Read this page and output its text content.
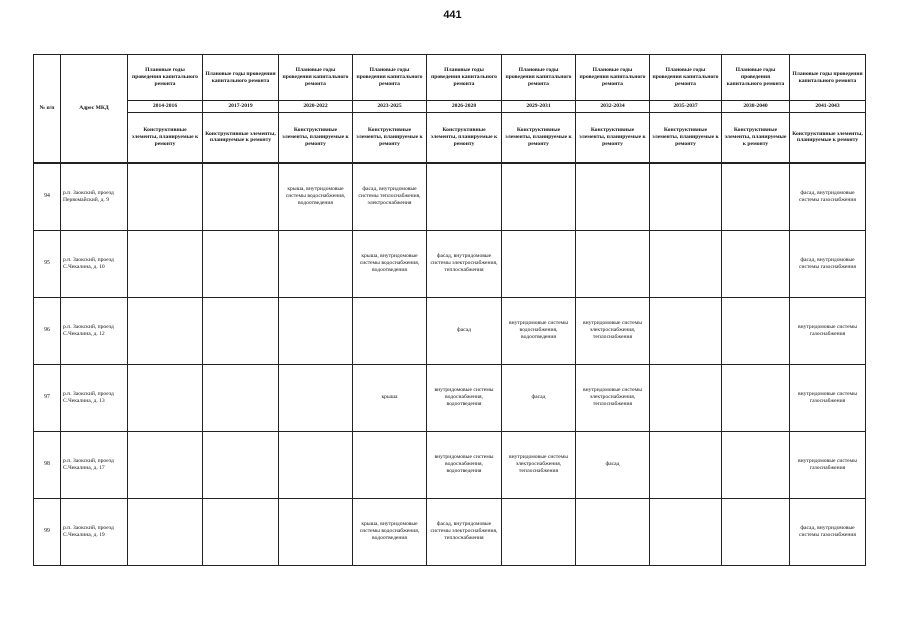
441
№ п/п	Адрес МКД	Плановые годы проведения капитального ремонта	Плановые годы проведения капитального ремонта	Плановые годы проведения капитального ремонта	Плановые годы проведения капитального ремонта	Плановые годы проведения капитального ремонта	Плановые годы проведения капитального ремонта	Плановые годы проведения капитального ремонта	Плановые годы проведения капитального ремонта	Плановые годы проведения капитального ремонта	Плановые годы проведения капитального ремонта
		2014-2016	2017-2019	2020-2022	2023-2025	2026-2028	2029-2031	2032-2034	2035-2037	2038-2040	2041-2043
		Конструктивные элементы, планируемые к ремонту	Конструктивные элементы, планируемые к ремонту	Конструктивные элементы, планируемые к ремонту	Конструктивные элементы, планируемые к ремонту	Конструктивные элементы, планируемые к ремонту	Конструктивные элементы, планируемые к ремонту	Конструктивные элементы, планируемые к ремонту	Конструктивные элементы, планируемые к ремонту	Конструктивные элементы, планируемые к ремонту	Конструктивные элементы, планируемые к ремонту
94	р.п. Заокский, проезд Первомайский, д. 9			крыша, внутридомовые системы водоснабжения, водоотведения	фасад, внутридомовые системы теплоснабжения, электроснабжения						фасад, внутридомовые системы газоснабжения
95	р.п. Заокский, проезд С.Чекалина, д. 10				крыша, внутридомовые системы водоснабжения, водоотведения	фасад, внутридомовые системы электроснабжения, теплоснабжения					фасад, внутридомовые системы газоснабжения
96	р.п. Заокский, проезд С.Чекалина, д. 12					фасад	внутридомовые системы водоснабжения, водоотведения	внутридомовые системы электроснабжения, теплоснабжения			внутридомовые системы газоснабжения
97	р.п. Заокский, проезд С.Чекалина, д. 13				крыша	внутридомовые системы водоснабжения, водоотведения	фасад	внутридомовые системы электроснабжения, теплоснабжения			внутридомовые системы газоснабжения
98	р.п. Заокский, проезд С.Чекалина, д. 17					внутридомовые системы водоснабжения, водоотведения	внутридомовые системы электроснабжения, теплоснабжения	фасад			внутридомовые системы газоснабжения
99	р.п. Заокский, проезд С.Чекалина, д. 19				крыша, внутридомовые системы водоснабжения, водоотведения	фасад, внутридомовые системы электроснабжения, теплоснабжения					фасад, внутридомовые системы газоснабжения
